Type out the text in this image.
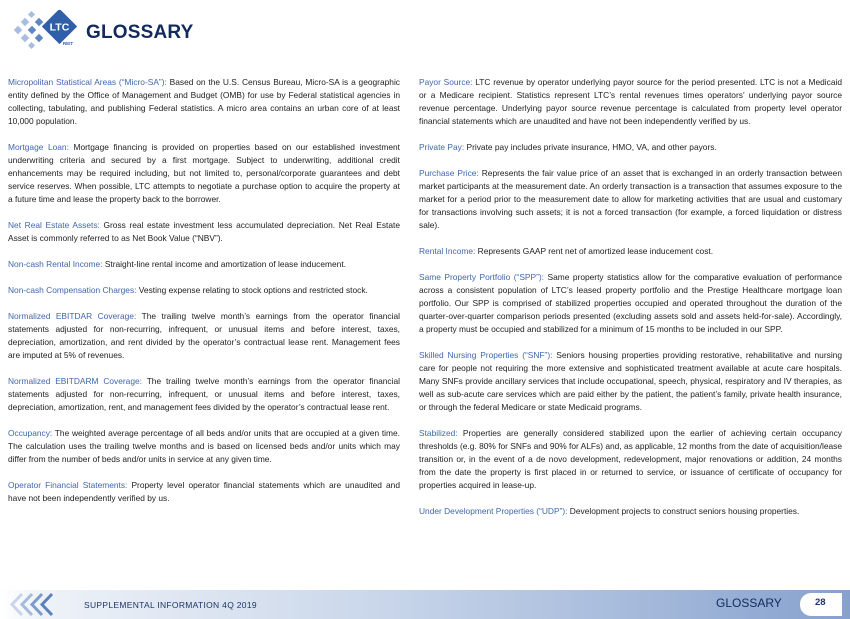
LTC
REIT
GLOSSARY

Micropolitan Statistical Areas (“Micro-SA”): Based on the U.S. Census Bureau, Micro-SA is a geographic entity defined by the Office of Management and Budget (OMB) for use by Federal statistical agencies in collecting, tabulating, and publishing Federal statistics. A micro area contains an urban core of at least 10,000 population.

Mortgage Loan: Mortgage financing is provided on properties based on our established investment underwriting criteria and secured by a first mortgage. Subject to underwriting, additional credit enhancements may be required including, but not limited to, personal/corporate guarantees and debt service reserves. When possible, LTC attempts to negotiate a purchase option to acquire the property at a future time and lease the property back to the borrower.

Net Real Estate Assets: Gross real estate investment less accumulated depreciation. Net Real Estate Asset is commonly referred to as Net Book Value (“NBV”).

Non-cash Rental Income: Straight-line rental income and amortization of lease inducement.

Non-cash Compensation Charges: Vesting expense relating to stock options and restricted stock.

Normalized EBITDAR Coverage: The trailing twelve month’s earnings from the operator financial statements adjusted for non-recurring, infrequent, or unusual items and before interest, taxes, depreciation, amortization, and rent divided by the operator’s contractual lease rent. Management fees are imputed at 5% of revenues.

Normalized EBITDARM Coverage: The trailing twelve month’s earnings from the operator financial statements adjusted for non-recurring, infrequent, or unusual items and before interest, taxes, depreciation, amortization, rent, and management fees divided by the operator’s contractual lease rent.

Occupancy: The weighted average percentage of all beds and/or units that are occupied at a given time. The calculation uses the trailing twelve months and is based on licensed beds and/or units which may differ from the number of beds and/or units in service at any given time.

Operator Financial Statements: Property level operator financial statements which are unaudited and have not been independently verified by us.

Payor Source: LTC revenue by operator underlying payor source for the period presented. LTC is not a Medicaid or a Medicare recipient. Statistics represent LTC’s rental revenues times operators’ underlying payor source revenue percentage. Underlying payor source revenue percentage is calculated from property level operator financial statements which are unaudited and have not been independently verified by us.

Private Pay: Private pay includes private insurance, HMO, VA, and other payors.

Purchase Price: Represents the fair value price of an asset that is exchanged in an orderly transaction between market participants at the measurement date. An orderly transaction is a transaction that assumes exposure to the market for a period prior to the measurement date to allow for marketing activities that are usual and customary for transactions involving such assets; it is not a forced transaction (for example, a forced liquidation or distress sale).

Rental Income: Represents GAAP rent net of amortized lease inducement cost.

Same Property Portfolio (“SPP”): Same property statistics allow for the comparative evaluation of performance across a consistent population of LTC’s leased property portfolio and the Prestige Healthcare mortgage loan portfolio. Our SPP is comprised of stabilized properties occupied and operated throughout the duration of the quarter-over-quarter comparison periods presented (excluding assets sold and assets held-for-sale). Accordingly, a property must be occupied and stabilized for a minimum of 15 months to be included in our SPP.

Skilled Nursing Properties (“SNF”): Seniors housing properties providing restorative, rehabilitative and nursing care for people not requiring the more extensive and sophisticated treatment available at acute care hospitals. Many SNFs provide ancillary services that include occupational, speech, physical, respiratory and IV therapies, as well as sub-acute care services which are paid either by the patient, the patient’s family, private health insurance, or through the federal Medicare or state Medicaid programs.

Stabilized: Properties are generally considered stabilized upon the earlier of achieving certain occupancy thresholds (e.g. 80% for SNFs and 90% for ALFs) and, as applicable, 12 months from the date of acquisition/lease transition or, in the event of a de novo development, redevelopment, major renovations or addition, 24 months from the date the property is first placed in or returned to service, or issuance of certificate of occupancy for properties acquired in lease-up.

Under Development Properties (“UDP”): Development projects to construct seniors housing properties.

SUPPLEMENTAL INFORMATION 4Q 2019	GLOSSARY	28
